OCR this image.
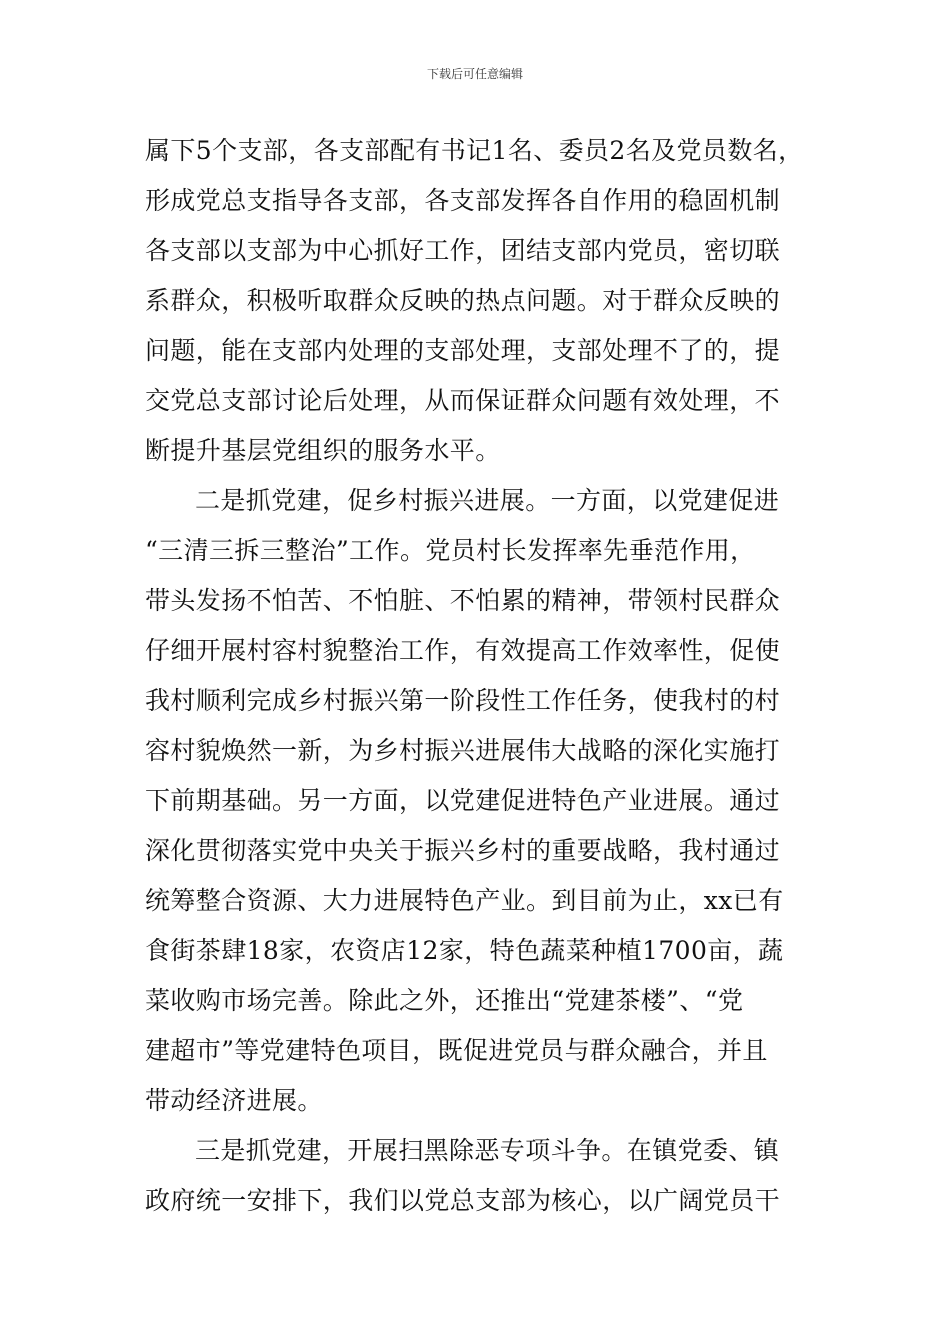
下载后可任意编辑
属下5个支部，各支部配有书记1名、委员2名及党员数名，
形成党总支指导各支部，各支部发挥各自作用的稳固机制
各支部以支部为中心抓好工作，团结支部内党员，密切联
系群众，积极听取群众反映的热点问题。对于群众反映的
问题，能在支部内处理的支部处理，支部处理不了的，提
交党总支部讨论后处理，从而保证群众问题有效处理，不
断提升基层党组织的服务水平。
二是抓党建，促乡村振兴进展。一方面，以党建促进
“三清三拆三整治”工作。党员村长发挥率先垂范作用，
带头发扬不怕苦、不怕脏、不怕累的精神，带领村民群众
仔细开展村容村貌整治工作，有效提高工作效率性，促使
我村顺利完成乡村振兴第一阶段性工作任务，使我村的村
容村貌焕然一新，为乡村振兴进展伟大战略的深化实施打
下前期基础。另一方面，以党建促进特色产业进展。通过
深化贯彻落实党中央关于振兴乡村的重要战略，我村通过
统筹整合资源、大力进展特色产业。到目前为止，xx已有
食街茶肆18家，农资店12家，特色蔬菜种植1700亩，蔬
菜收购市场完善。除此之外，还推出“党建茶楼”、“党
建超市”等党建特色项目，既促进党员与群众融合，并且
带动经济进展。
三是抓党建，开展扫黑除恶专项斗争。在镇党委、镇
政府统一安排下，我们以党总支部为核心，以广阔党员干
